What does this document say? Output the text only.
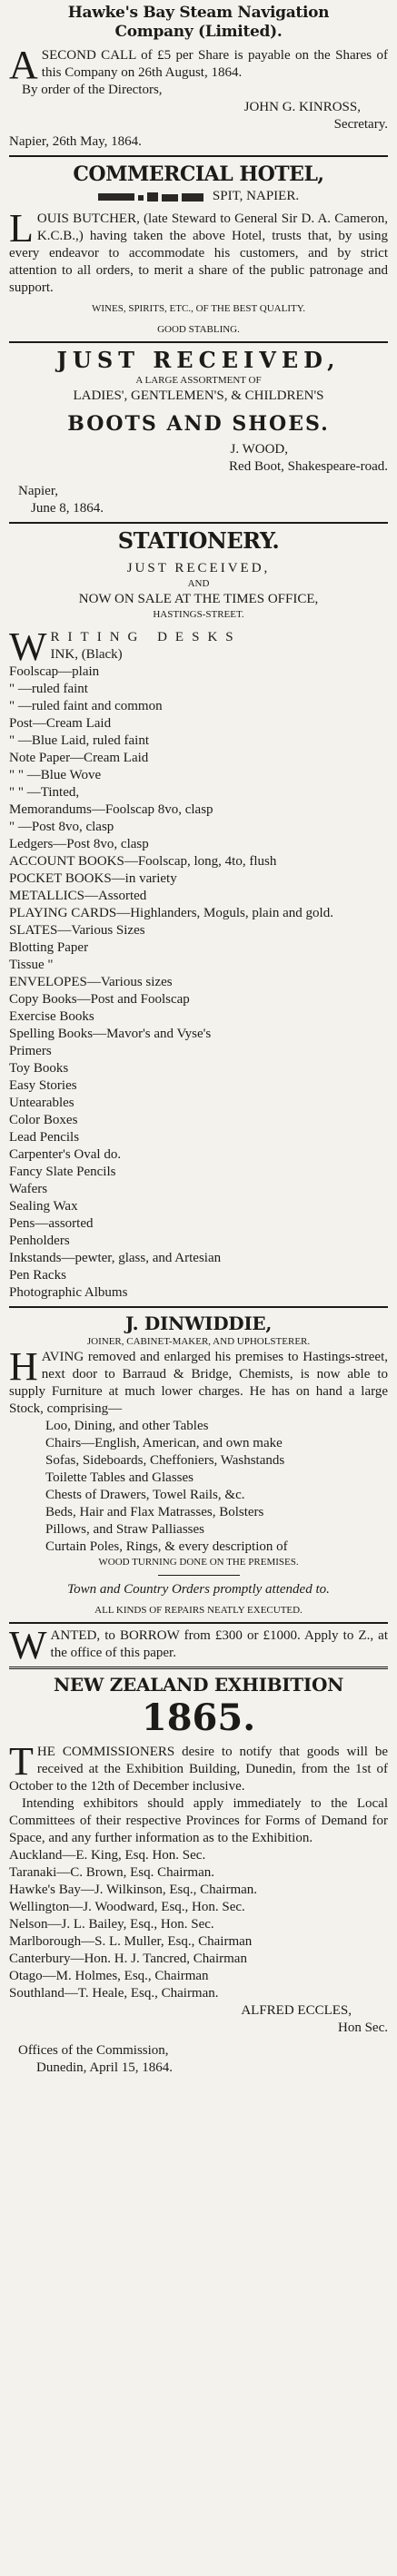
Hawke's Bay Steam Navigation

Company (Limited).

ASECOND CALL of £5 per Share is payable on the Shares of this Company on 26th August, 1864.

By order of the Directors,

JOHN G. KINROSS,

Secretary.

Napier, 26th May, 1864.

COMMERCIAL HOTEL,

SPIT, NAPIER.

LOUIS BUTCHER, (late Steward to General Sir D. A. Cameron, K.C.B.,) having taken the above Hotel, trusts that, by using every endeavor to accommodate his customers, and by strict attention to all orders, to merit a share of the public patronage and support.

WINES, SPIRITS, ETC., OF THE BEST QUALITY.

GOOD STABLING.

JUST RECEIVED,

A LARGE ASSORTMENT OF

LADIES', GENTLEMEN'S, & CHILDREN'S

BOOTS AND SHOES.

J. WOOD,

Red Boot, Shakespeare-road.

Napier,

June 8, 1864.

STATIONERY.

JUST RECEIVED,

AND

NOW ON SALE AT THE TIMES OFFICE,

HASTINGS-STREET.

WRITING DESKS

INK, (Black)

Foolscap—plain

" —ruled faint

" —ruled faint and common

Post—Cream Laid

" —Blue Laid, ruled faint

Note Paper—Cream Laid

" " —Blue Wove

" " —Tinted,

Memorandums—Foolscap 8vo, clasp

" —Post 8vo, clasp

Ledgers—Post 8vo, clasp

ACCOUNT BOOKS—Foolscap, long, 4to, flush

POCKET BOOKS—in variety

METALLICS—Assorted

PLAYING CARDS—Highlanders, Moguls, plain and gold.

SLATES—Various Sizes

Blotting Paper

Tissue "

ENVELOPES—Various sizes

Copy Books—Post and Foolscap

Exercise Books

Spelling Books—Mavor's and Vyse's

Primers

Toy Books

Easy Stories

Untearables

Color Boxes

Lead Pencils

Carpenter's Oval do.

Fancy Slate Pencils

Wafers

Sealing Wax

Pens—assorted

Penholders

Inkstands—pewter, glass, and Artesian

Pen Racks

Photographic Albums

J. DINWIDDIE,

JOINER, CABINET-MAKER, AND UPHOLSTERER.

HAVING removed and enlarged his premises to Hastings-street, next door to Barraud & Bridge, Chemists, is now able to supply Furniture at much lower charges. He has on hand a large Stock, comprising—

Loo, Dining, and other Tables

Chairs—English, American, and own make

Sofas, Sideboards, Cheffoniers, Washstands

Toilette Tables and Glasses

Chests of Drawers, Towel Rails, &c.

Beds, Hair and Flax Matrasses, Bolsters

Pillows, and Straw Palliasses

Curtain Poles, Rings, & every description of

WOOD TURNING DONE ON THE PREMISES.

Town and Country Orders promptly attended to.

ALL KINDS OF REPAIRS NEATLY EXECUTED.

WANTED, to BORROW from £300 or £1000. Apply to Z., at the office of this paper.

NEW ZEALAND EXHIBITION

1865.

THE COMMISSIONERS desire to notify that goods will be received at the Exhibition Building, Dunedin, from the 1st of October to the 12th of December inclusive.

Intending exhibitors should apply immediately to the Local Committees of their respective Provinces for Forms of Demand for Space, and any further information as to the Exhibition.

Auckland—E. King, Esq. Hon. Sec.

Taranaki—C. Brown, Esq. Chairman.

Hawke's Bay—J. Wilkinson, Esq., Chairman.

Wellington—J. Woodward, Esq., Hon. Sec.

Nelson—J. L. Bailey, Esq., Hon. Sec.

Marlborough—S. L. Muller, Esq., Chairman

Canterbury—Hon. H. J. Tancred, Chairman

Otago—M. Holmes, Esq., Chairman

Southland—T. Heale, Esq., Chairman.

ALFRED ECCLES,

Hon Sec.

Offices of the Commission,

Dunedin, April 15, 1864.
